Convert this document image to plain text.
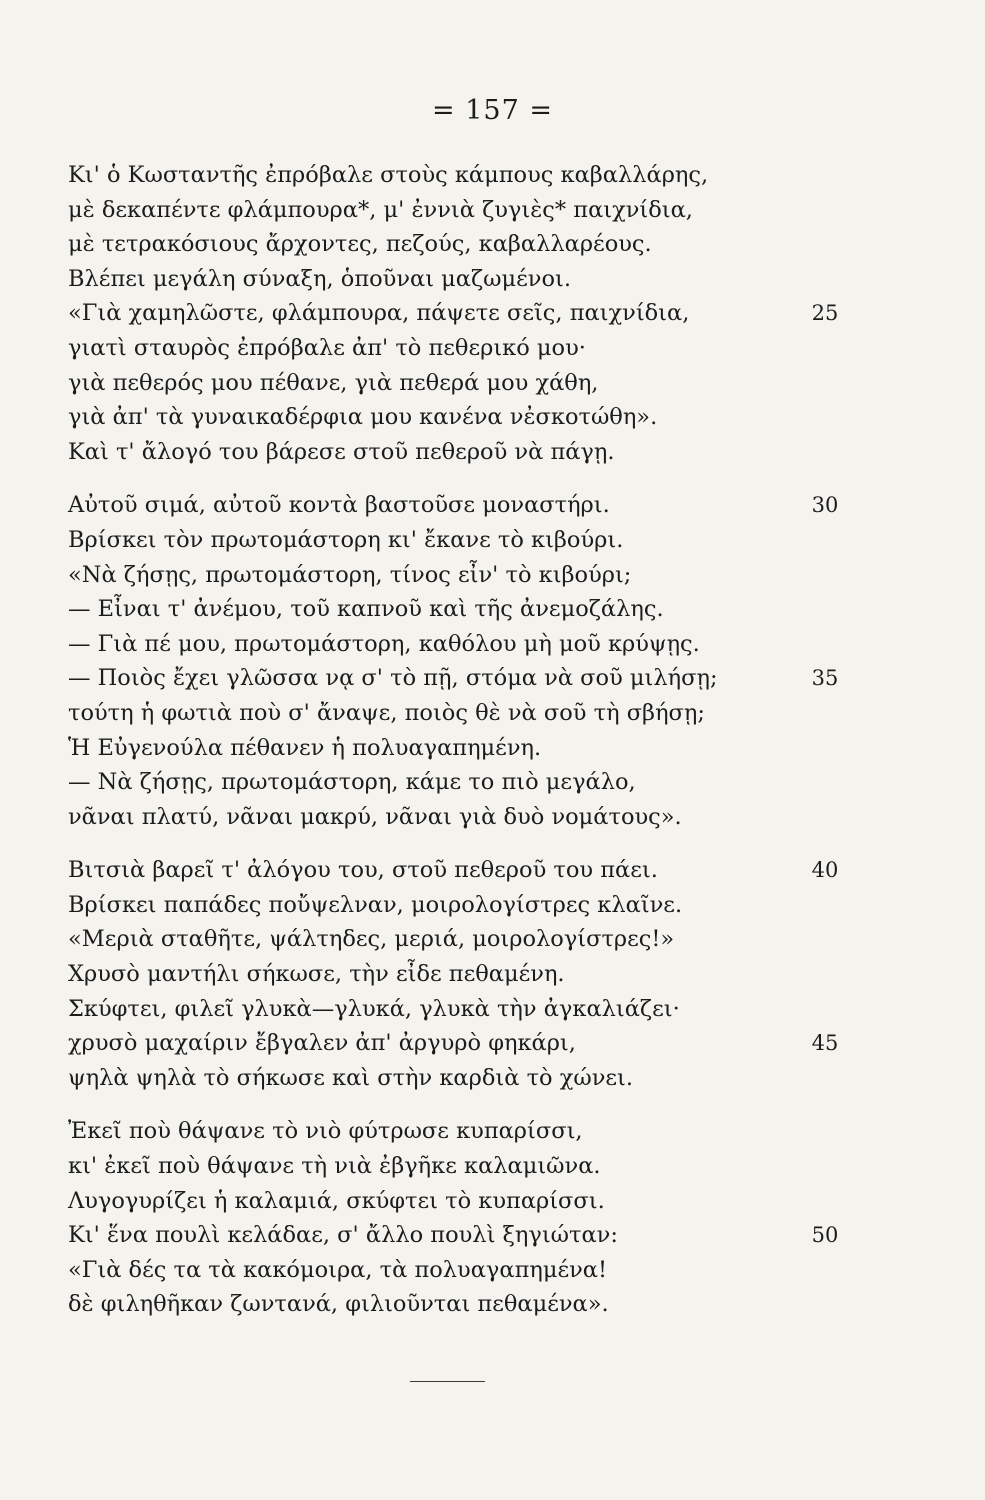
= 157 =
Κι' ὁ Κωσταντῆς ἐπρόβαλε στοὺς κάμπους καβαλλάρης,
μὲ δεκαπέντε φλάμπουρα*, μ' ἐννιὰ ζυγιὲς* παιχνίδια,
μὲ τετρακόσιους ἄρχοντες, πεζούς, καβαλλαρέους.
Βλέπει μεγάλη σύναξη, ὁποῦναι μαζωμένοι.
«Γιὰ χαμηλῶστε, φλάμπουρα, πάψετε σεῖς, παιχνίδια,	25
γιατὶ σταυρὸς ἐπρόβαλε ἀπ' τὸ πεθερικό μου·
γιὰ πεθερός μου πέθανε, γιὰ πεθερά μου χάθη,
γιὰ ἀπ' τὰ γυναικαδέρφια μου κανένα νἐσκοτώθη».
Καὶ τ' ἄλογό του βάρεσε στοῦ πεθεροῦ νὰ πάγῃ.
Αὐτοῦ σιμά, αὐτοῦ κοντὰ βαστοῦσε μοναστήρι.	30
Βρίσκει τὸν πρωτομάστορη κι' ἔκανε τὸ κιβούρι.
«Νὰ ζήσῃς, πρωτομάστορη, τίνος εἶν' τὸ κιβούρι;
— Εἶναι τ' ἀνέμου, τοῦ καπνοῦ καὶ τῆς ἀνεμοζάλης.
— Γιὰ πέ μου, πρωτομάστορη, καθόλου μὴ μοῦ κρύψῃς.
— Ποιὸς ἔχει γλῶσσα νᾳ σ' τὸ πῇ, στόμα νὰ σοῦ μιλήσῃ;	35
τούτη ἡ φωτιὰ ποὺ σ' ἄναψε, ποιὸς θὲ νὰ σοῦ τὴ σβήσῃ;
Ἡ Εὐγενούλα πέθανεν ἡ πολυαγαπημένη.
— Νὰ ζήσῃς, πρωτομάστορη, κάμε το πιὸ μεγάλο,
νᾶναι πλατύ, νᾶναι μακρύ, νᾶναι γιὰ δυὸ νομάτους».
Βιτσιὰ βαρεῖ τ' ἀλόγου του, στοῦ πεθεροῦ του πάει.	40
Βρίσκει παπάδες ποὔψελναν, μοιρολογίστρες κλαῖνε.
«Μεριὰ σταθῆτε, ψάλτηδες, μεριά, μοιρολογίστρες!»
Χρυσὸ μαντήλι σήκωσε, τὴν εἶδε πεθαμένη.
Σκύφτει, φιλεῖ γλυκὰ—γλυκά, γλυκὰ τὴν ἀγκαλιάζει·
χρυσὸ μαχαίριν ἔβγαλεν ἀπ' ἀργυρὸ φηκάρι,	45
ψηλὰ ψηλὰ τὸ σήκωσε καὶ στὴν καρδιὰ τὸ χώνει.
Ἐκεῖ ποὺ θάψανε τὸ νιὸ φύτρωσε κυπαρίσσι,
κι' ἐκεῖ ποὺ θάψανε τὴ νιὰ ἐβγῆκε καλαμιῶνα.
Λυγογυρίζει ἡ καλαμιά, σκύφτει τὸ κυπαρίσσι.
Κι' ἕνα πουλὶ κελάδαε, σ' ἄλλο πουλὶ ξηγιώταν:	50
«Γιὰ δές τα τὰ κακόμοιρα, τὰ πολυαγαπημένα!
δὲ φιληθῆκαν ζωντανά, φιλιοῦνται πεθαμένα».
